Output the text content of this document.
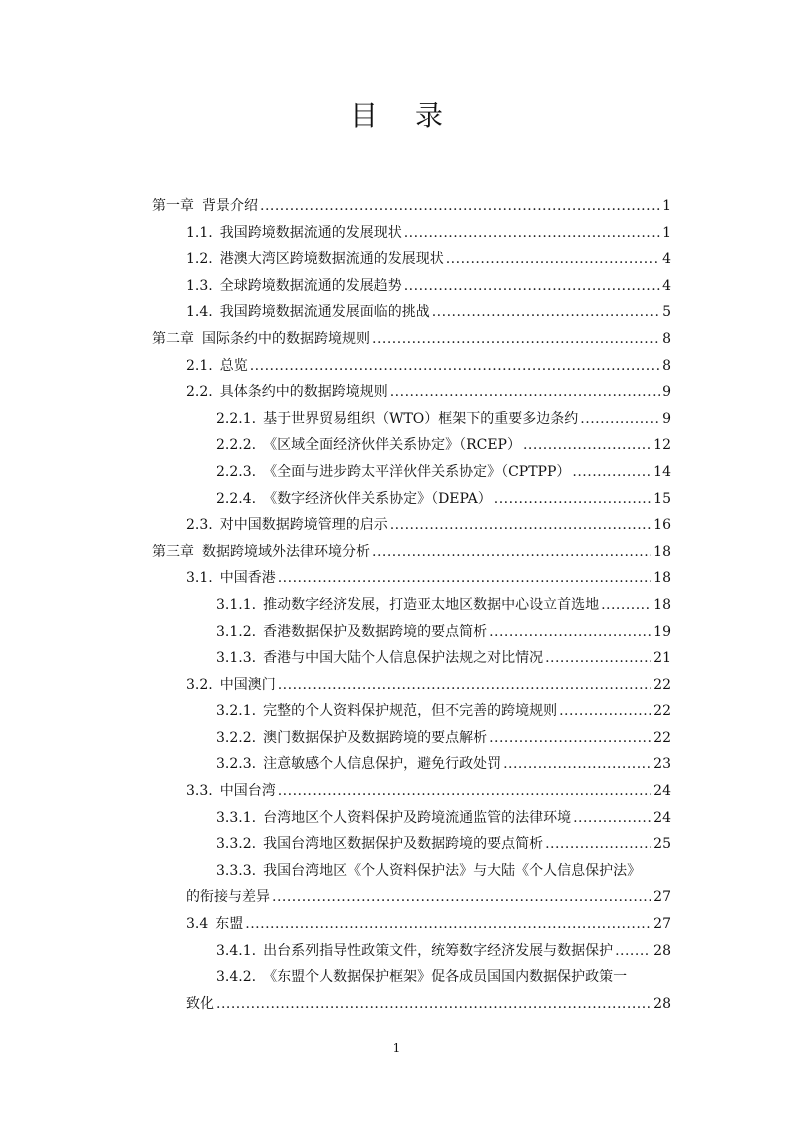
目 录
第一章 背景介绍 .....	1
1.1. 我国跨境数据流通的发展现状 .....	1
1.2. 港澳大湾区跨境数据流通的发展现状 .....	4
1.3. 全球跨境数据流通的发展趋势 .....	4
1.4. 我国跨境数据流通发展面临的挑战 .....	5
第二章 国际条约中的数据跨境规则 .....	8
2.1. 总览 .....	8
2.2. 具体条约中的数据跨境规则 .....	9
2.2.1. 基于世界贸易组织（WTO）框架下的重要多边条约 .....	9
2.2.2. 《区域全面经济伙伴关系协定》（RCEP） .....	12
2.2.3. 《全面与进步跨太平洋伙伴关系协定》（CPTPP） .....	14
2.2.4. 《数字经济伙伴关系协定》（DEPA） .....	15
2.3. 对中国数据跨境管理的启示 .....	16
第三章 数据跨境域外法律环境分析 .....	18
3.1. 中国香港 .....	18
3.1.1. 推动数字经济发展，打造亚太地区数据中心设立首选地 .....	18
3.1.2. 香港数据保护及数据跨境的要点简析 .....	19
3.1.3. 香港与中国大陆个人信息保护法规之对比情况 .....	21
3.2. 中国澳门 .....	22
3.2.1. 完整的个人资料保护规范，但不完善的跨境规则 .....	22
3.2.2. 澳门数据保护及数据跨境的要点解析 .....	22
3.2.3. 注意敏感个人信息保护，避免行政处罚 .....	23
3.3. 中国台湾 .....	24
3.3.1. 台湾地区个人资料保护及跨境流通监管的法律环境 .....	24
3.3.2. 我国台湾地区数据保护及数据跨境的要点简析 .....	25
3.3.3. 我国台湾地区《个人资料保护法》与大陆《个人信息保护法》
的衔接与差异 .....	27
3.4 东盟 .....	27
3.4.1. 出台系列指导性政策文件，统筹数字经济发展与数据保护 .....	28
3.4.2. 《东盟个人数据保护框架》促各成员国国内数据保护政策一
致化 .....	28
1
